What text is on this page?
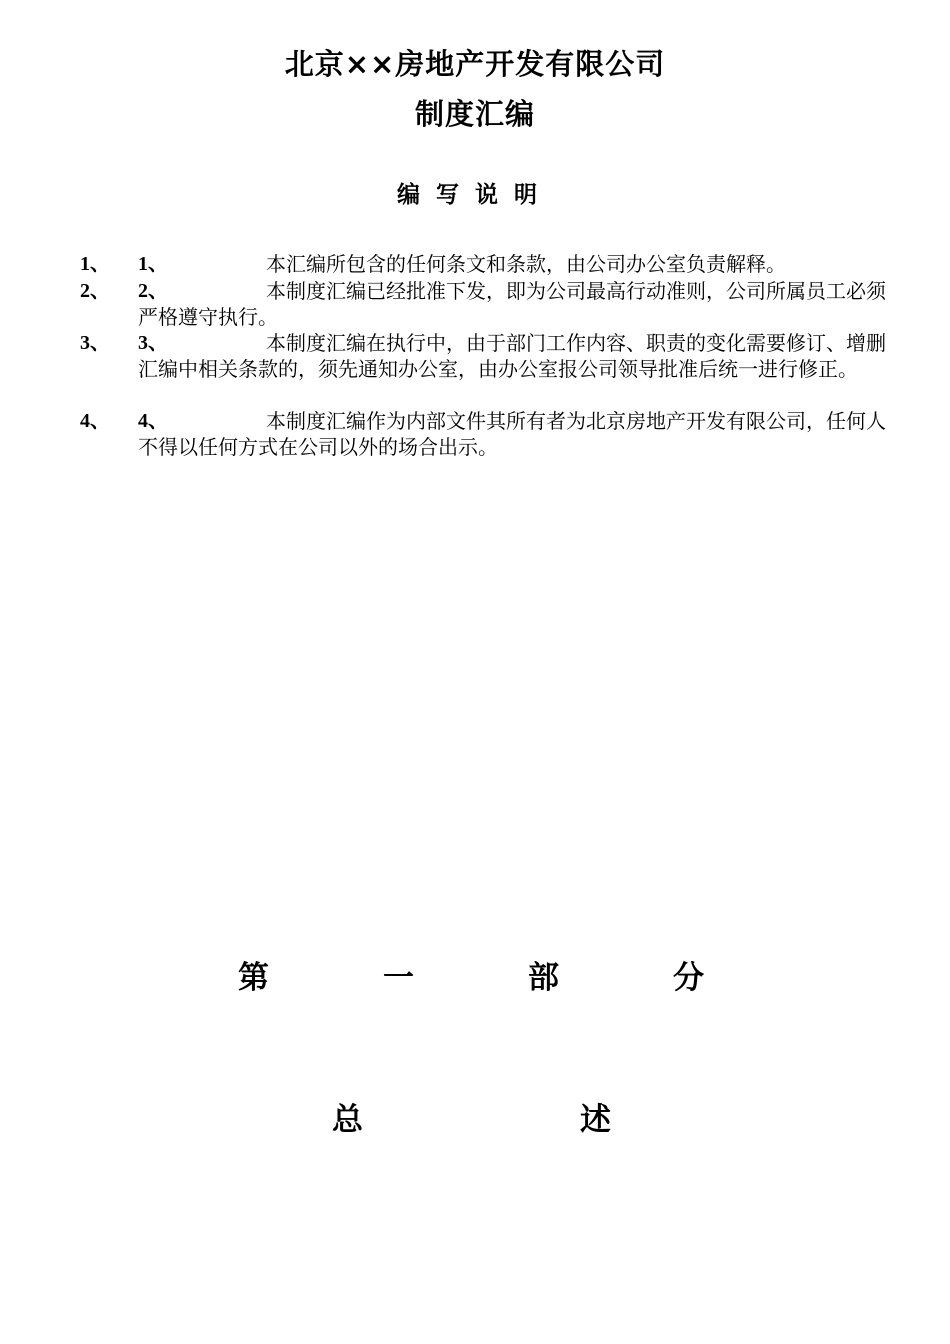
北京××房地产开发有限公司
制度汇编
编写说明
1、 1、	本汇编所包含的任何条文和条款，由公司办公室负责解释。
2、 2、	本制度汇编已经批准下发，即为公司最高行动准则，公司所属员工必须严格遵守执行。
3、 3、	本制度汇编在执行中，由于部门工作内容、职责的变化需要修订、增删汇编中相关条款的，须先通知办公室，由办公室报公司领导批准后统一进行修正。
4、 4、	本制度汇编作为内部文件其所有者为北京房地产开发有限公司，任何人不得以任何方式在公司以外的场合出示。
第	一	部	分
总	述
